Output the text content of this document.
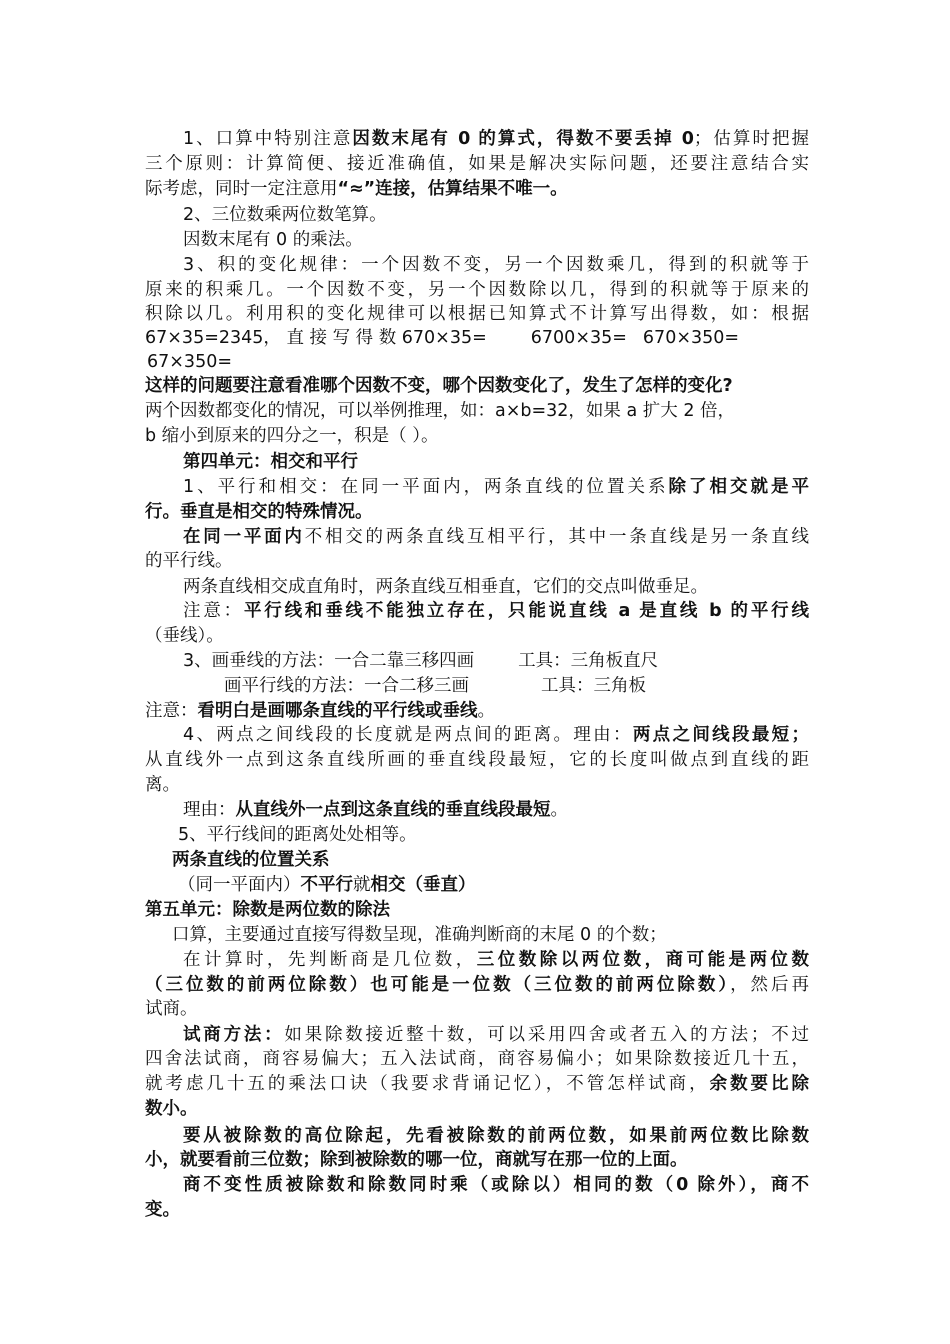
1、口算中特别注意因数末尾有 0 的算式，得数不要丢掉 0；估算时把握
三个原则：计算简便、接近准确值，如果是解决实际问题，还要注意结合实
际考虑，同时一定注意用“≈”连接，估算结果不唯一。
2、三位数乘两位数笔算。
因数末尾有 0 的乘法。
3、积的变化规律：一个因数不变，另一个因数乘几，得到的积就等于
原来的积乘几。一个因数不变，另一个因数除以几，得到的积就等于原来的
积除以几。利用积的变化规律可以根据已知算式不计算写出得数，如：根据
67×35=2345， 直 接 写 得 数 670×35=	6700×35= 670×350=
67×350=
这样的问题要注意看准哪个因数不变，哪个因数变化了，发生了怎样的变化?
两个因数都变化的情况，可以举例推理，如：a×b=32，如果 a 扩大 2 倍，
b 缩小到原来的四分之一，积是（ ）。
第四单元：相交和平行
1、平行和相交：在同一平面内，两条直线的位置关系除了相交就是平
行。垂直是相交的特殊情况。
在同一平面内不相交的两条直线互相平行，其中一条直线是另一条直线
的平行线。
两条直线相交成直角时，两条直线互相垂直，它们的交点叫做垂足。
注意：平行线和垂线不能独立存在，只能说直线 a 是直线 b 的平行线
（垂线）。
3、画垂线的方法：一合二靠三移四画	工具：三角板直尺
画平行线的方法：一合二移三画	工具：三角板
注意：看明白是画哪条直线的平行线或垂线。
4、两点之间线段的长度就是两点间的距离。理由：两点之间线段最短；
从直线外一点到这条直线所画的垂直线段最短，它的长度叫做点到直线的距
离。
理由：从直线外一点到这条直线的垂直线段最短。
5、平行线间的距离处处相等。
两条直线的位置关系
（同一平面内）不平行就相交（垂直）
第五单元：除数是两位数的除法
口算，主要通过直接写得数呈现，准确判断商的末尾 0 的个数；
在计算时，先判断商是几位数，三位数除以两位数，商可能是两位数
（三位数的前两位除数）也可能是一位数（三位数的前两位除数），然后再
试商。
试商方法：如果除数接近整十数，可以采用四舍或者五入的方法；不过
四舍法试商，商容易偏大；五入法试商，商容易偏小；如果除数接近几十五，
就考虑几十五的乘法口诀（我要求背诵记忆），不管怎样试商，余数要比除
数小。
要从被除数的高位除起，先看被除数的前两位数，如果前两位数比除数
小，就要看前三位数；除到被除数的哪一位，商就写在那一位的上面。
商不变性质被除数和除数同时乘（或除以）相同的数（0 除外），商不
变。
